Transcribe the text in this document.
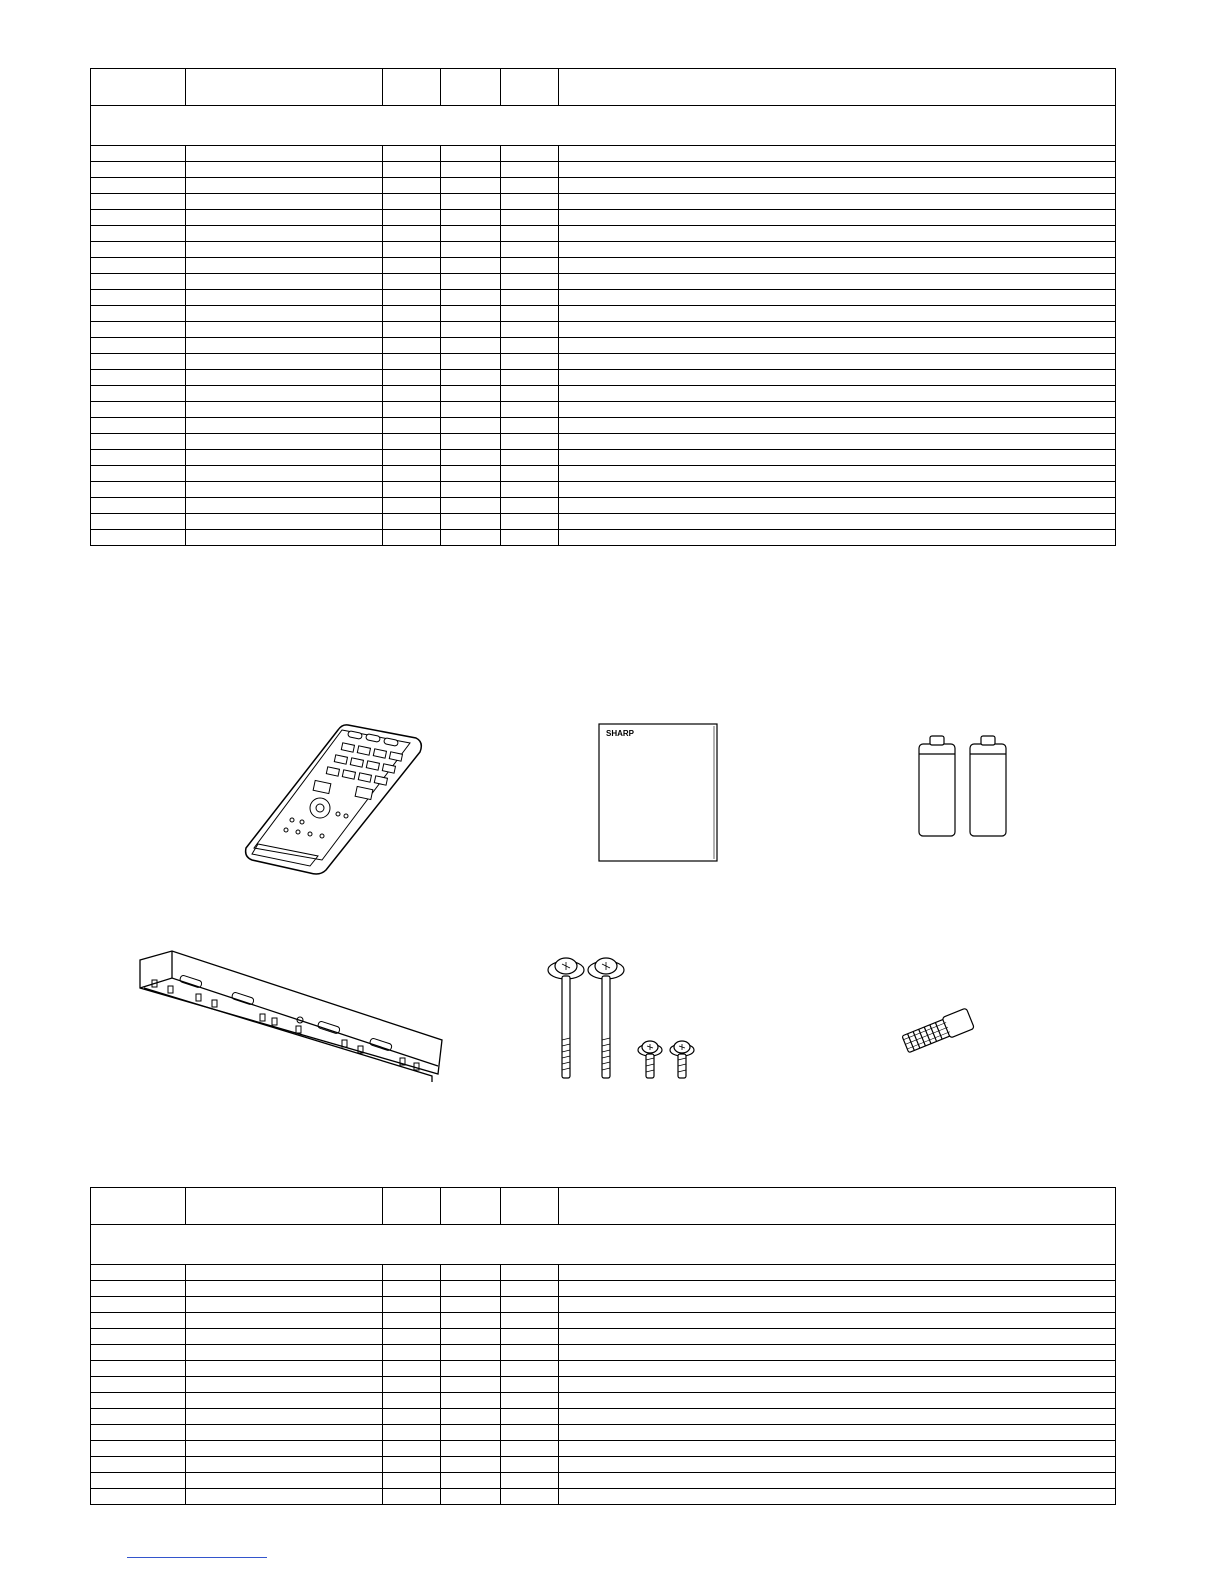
SHARP
